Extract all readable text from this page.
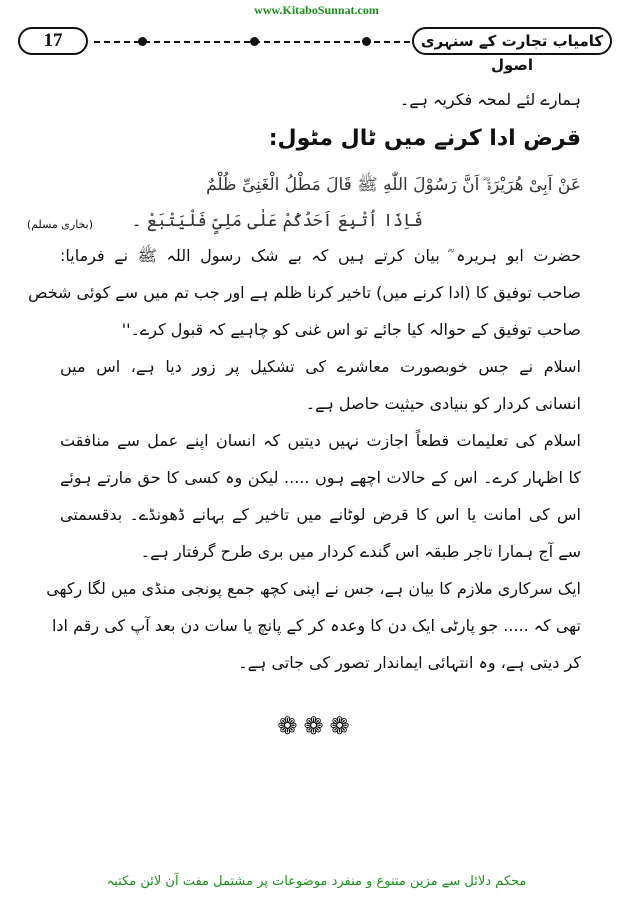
www.KitaboSunnat.com
17	کامیاب تجارت کے سنہری اصول
ہمارے لئے لمحہ فکریہ ہے۔
قرض ادا کرنے میں ٹال مٹول:
عَنْ اَبِیْ ھُرَیْرَۃَ ؓ اَنَّ رَسُوْلَ اللّٰهِ ﷺ قَالَ مَطْلُ الْغَنِیِّ ظُلْمٌ
فَاِذَا اُتْبِعَ اَحَدُکُمْ عَلٰی مَلِیٍّ فَلْیَتْبَعْ ۔
(بخاری مسلم)
حضرت ابو ہریرہ ؓ بیان کرتے ہیں کہ بے شک رسول اللہ ﷺ نے فرمایا:
صاحب توفیق کا (ادا کرنے میں) تاخیر کرنا ظلم ہے اور جب تم میں سے کوئی شخص
صاحب توفیق کے حوالہ کیا جائے تو اس غنی کو چاہیے کہ قبول کرے۔''
اسلام نے جس خوبصورت معاشرے کی تشکیل پر زور دیا ہے، اس میں
انسانی کردار کو بنیادی حیثیت حاصل ہے۔
اسلام کی تعلیمات قطعاً اجازت نہیں دیتیں کہ انسان اپنے عمل سے منافقت
کا اظہار کرے۔ اس کے حالات اچھے ہوں ..... لیکن وہ کسی کا حق مارتے ہوئے
اس کی امانت یا اس کا قرض لوٹانے میں تاخیر کے بہانے ڈھونڈے۔ بدقسمتی
سے آج ہمارا تاجر طبقہ اس گندے کردار میں بری طرح گرفتار ہے۔
ایک سرکاری ملازم کا بیان ہے، جس نے اپنی کچھ جمع پونجی منڈی میں لگا رکھی
تھی کہ ..... جو پارٹی ایک دن کا وعدہ کر کے پانچ یا سات دن بعد آپ کی رقم ادا
کر دیتی ہے، وہ انتہائی ایماندار تصور کی جاتی ہے۔
❁❁❁
محکم دلائل سے مزین متنوع و منفرد موضوعات پر مشتمل مفت آن لائن مکتبہ
